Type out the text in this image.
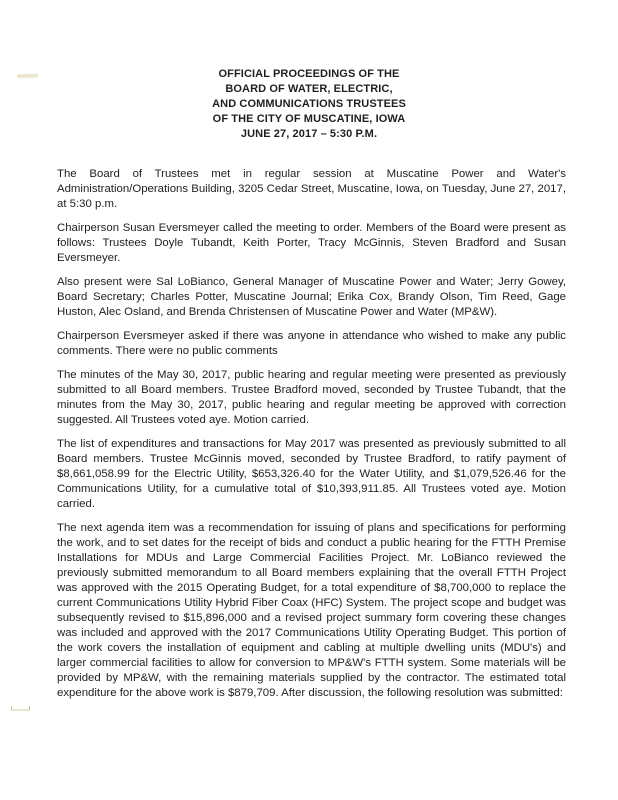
OFFICIAL PROCEEDINGS OF THE
BOARD OF WATER, ELECTRIC,
AND COMMUNICATIONS TRUSTEES
OF THE CITY OF MUSCATINE, IOWA
JUNE 27, 2017 – 5:30 P.M.

The Board of Trustees met in regular session at Muscatine Power and Water's Administration/Operations Building, 3205 Cedar Street, Muscatine, Iowa, on Tuesday, June 27, 2017, at 5:30 p.m.

Chairperson Susan Eversmeyer called the meeting to order. Members of the Board were present as follows: Trustees Doyle Tubandt, Keith Porter, Tracy McGinnis, Steven Bradford and Susan Eversmeyer.

Also present were Sal LoBianco, General Manager of Muscatine Power and Water; Jerry Gowey, Board Secretary; Charles Potter, Muscatine Journal; Erika Cox, Brandy Olson, Tim Reed, Gage Huston, Alec Osland, and Brenda Christensen of Muscatine Power and Water (MP&W).

Chairperson Eversmeyer asked if there was anyone in attendance who wished to make any public comments. There were no public comments

The minutes of the May 30, 2017, public hearing and regular meeting were presented as previously submitted to all Board members. Trustee Bradford moved, seconded by Trustee Tubandt, that the minutes from the May 30, 2017, public hearing and regular meeting be approved with correction suggested. All Trustees voted aye. Motion carried.

The list of expenditures and transactions for May 2017 was presented as previously submitted to all Board members. Trustee McGinnis moved, seconded by Trustee Bradford, to ratify payment of $8,661,058.99 for the Electric Utility, $653,326.40 for the Water Utility, and $1,079,526.46 for the Communications Utility, for a cumulative total of $10,393,911.85. All Trustees voted aye. Motion carried.

The next agenda item was a recommendation for issuing of plans and specifications for performing the work, and to set dates for the receipt of bids and conduct a public hearing for the FTTH Premise Installations for MDUs and Large Commercial Facilities Project. Mr. LoBianco reviewed the previously submitted memorandum to all Board members explaining that the overall FTTH Project was approved with the 2015 Operating Budget, for a total expenditure of $8,700,000 to replace the current Communications Utility Hybrid Fiber Coax (HFC) System. The project scope and budget was subsequently revised to $15,896,000 and a revised project summary form covering these changes was included and approved with the 2017 Communications Utility Operating Budget. This portion of the work covers the installation of equipment and cabling at multiple dwelling units (MDU's) and larger commercial facilities to allow for conversion to MP&W's FTTH system. Some materials will be provided by MP&W, with the remaining materials supplied by the contractor. The estimated total expenditure for the above work is $879,709. After discussion, the following resolution was submitted:
